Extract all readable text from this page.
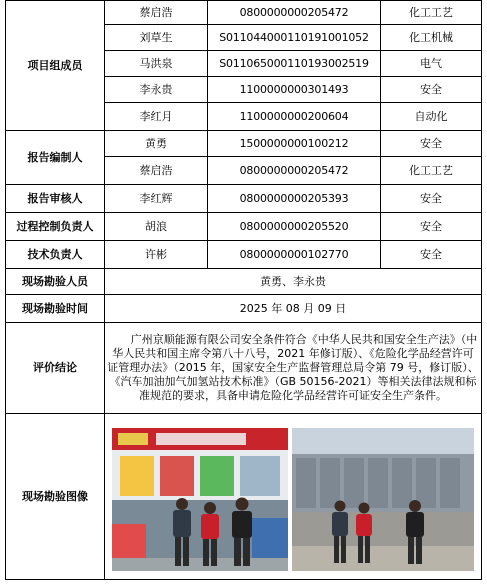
项目组成员	蔡启浩	0800000000205472	化工工艺
	刘草生	S011044000110191001052	化工机械
	马洪泉	S011065000110193002519	电气
	李永贵	1100000000301493	安全
	李红月	1100000000200604	自动化
报告编制人	黄勇	1500000000100212	安全
	蔡启浩	0800000000205472	化工工艺
报告审核人	李红辉	0800000000205393	安全
过程控制负责人	胡浪	0800000000205520	安全
技术负责人	许彬	0800000000102770	安全
现场勘验人员	黄勇、李永贵		
现场勘验时间	2025 年 08 月 09 日		
评价结论	广州京顺能源有限公司安全条件符合《中华人民共和国安全生产法》（中华人民共和国主席令第八十八号，2021 年修订版）、《危险化学品经营许可证管理办法》（2015 年，国家安全生产监督管理总局令第 79 号，修订版）、《汽车加油加气加氢站技术标准》（GB 50156-2021）等相关法律法规和标准规范的要求，具备申请危险化学品经营许可证安全生产条件。		
现场勘验图像	
